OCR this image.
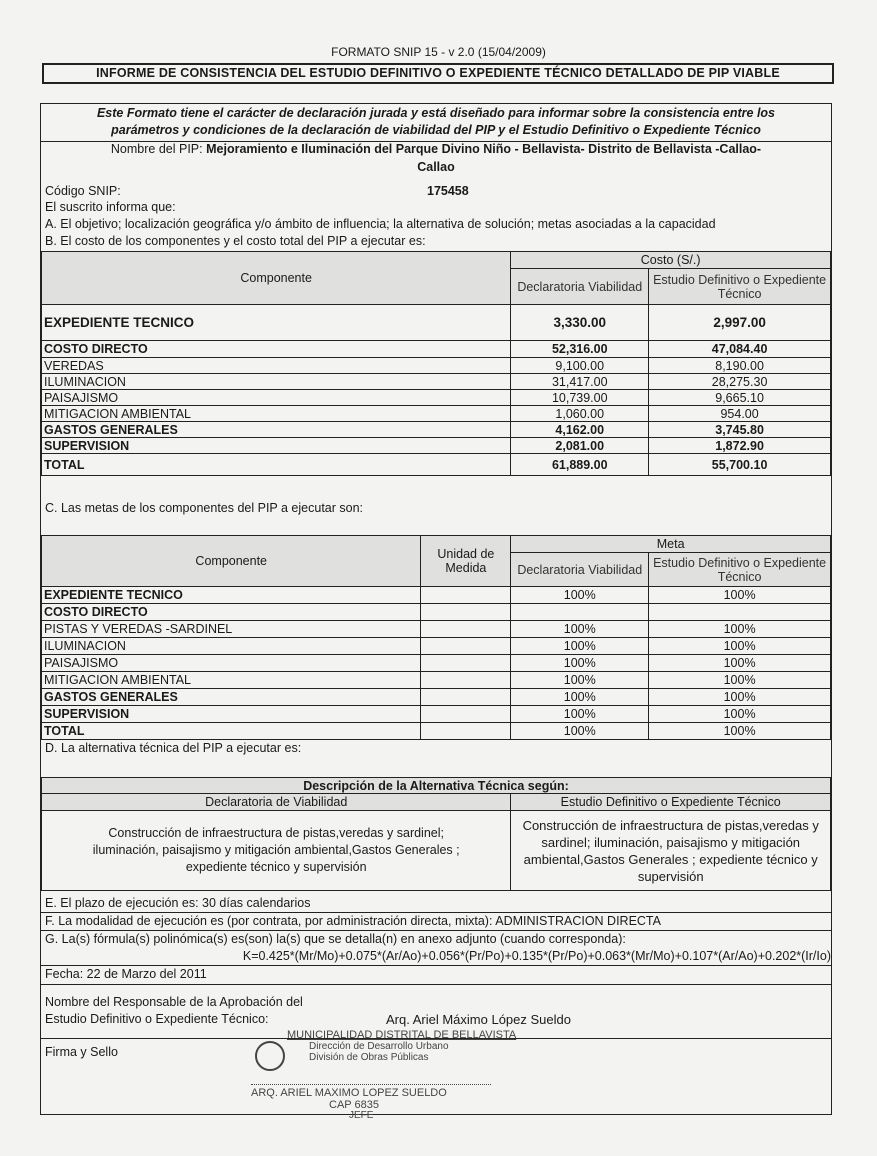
FORMATO SNIP 15 - v 2.0 (15/04/2009)
INFORME DE CONSISTENCIA DEL ESTUDIO DEFINITIVO O EXPEDIENTE TÉCNICO DETALLADO DE PIP VIABLE
Este Formato tiene el carácter de declaración jurada y está diseñado para informar sobre la consistencia entre los
parámetros y condiciones de la declaración de viabilidad del PIP y el Estudio Definitivo o Expediente Técnico
Nombre del PIP: Mejoramiento e Iluminación del Parque Divino Niño - Bellavista- Distrito de Bellavista -Callao-
Callao
Código SNIP:	175458
El suscrito informa que:
A. El objetivo; localización geográfica y/o ámbito de influencia; la alternativa de solución; metas asociadas a la capacidad
B. El costo de los componentes y el costo total del PIP a ejecutar es:
Componente	Costo (S/.)	
	Declaratoria Viabilidad	Estudio Definitivo o Expediente Técnico
EXPEDIENTE TECNICO	3,330.00	2,997.00
COSTO DIRECTO	52,316.00	47,084.40
VEREDAS	9,100.00	8,190.00
ILUMINACION	31,417.00	28,275.30
PAISAJISMO	10,739.00	9,665.10
MITIGACION AMBIENTAL	1,060.00	954.00
GASTOS GENERALES	4,162.00	3,745.80
SUPERVISION	2,081.00	1,872.90
TOTAL	61,889.00	55,700.10
C. Las metas de los componentes del PIP a ejecutar son:
Componente	Unidad de Medida	Meta	
		Declaratoria Viabilidad	Estudio Definitivo o Expediente Técnico
EXPEDIENTE TECNICO		100%	100%
COSTO DIRECTO			
PISTAS Y VEREDAS -SARDINEL		100%	100%
ILUMINACION		100%	100%
PAISAJISMO		100%	100%
MITIGACION AMBIENTAL		100%	100%
GASTOS GENERALES		100%	100%
SUPERVISION		100%	100%
TOTAL		100%	100%
D. La alternativa técnica del PIP a ejecutar es:
Descripción de la Alternativa Técnica según:	
Declaratoria de Viabilidad	Estudio Definitivo o Expediente Técnico
Construcción de infraestructura de pistas,veredas y sardinel; iluminación, paisajismo y mitigación ambiental,Gastos Generales ; expediente técnico y supervisión	Construcción de infraestructura de pistas,veredas y sardinel; iluminación, paisajismo y mitigación ambiental,Gastos Generales ; expediente técnico y supervisión
E. El plazo de ejecución es: 30 días calendarios
F. La modalidad de ejecución es (por contrata, por administración directa, mixta): ADMINISTRACION DIRECTA
G. La(s) fórmula(s) polinómica(s) es(son) la(s) que se detalla(n) en anexo adjunto (cuando corresponda):
K=0.425*(Mr/Mo)+0.075*(Ar/Ao)+0.056*(Pr/Po)+0.135*(Pr/Po)+0.063*(Mr/Mo)+0.107*(Ar/Ao)+0.202*(Ir/Io)
Fecha: 22 de Marzo del 2011
Nombre del Responsable de la Aprobación del
Estudio Definitivo o Expediente Técnico:	Arq. Ariel Máximo López Sueldo
Firma y Sello
MUNICIPALIDAD DISTRITAL DE BELLAVISTA
Dirección de Desarrollo Urbano
División de Obras Públicas
ARQ. ARIEL MAXIMO LOPEZ SUELDO
CAP 6835
JEFE
